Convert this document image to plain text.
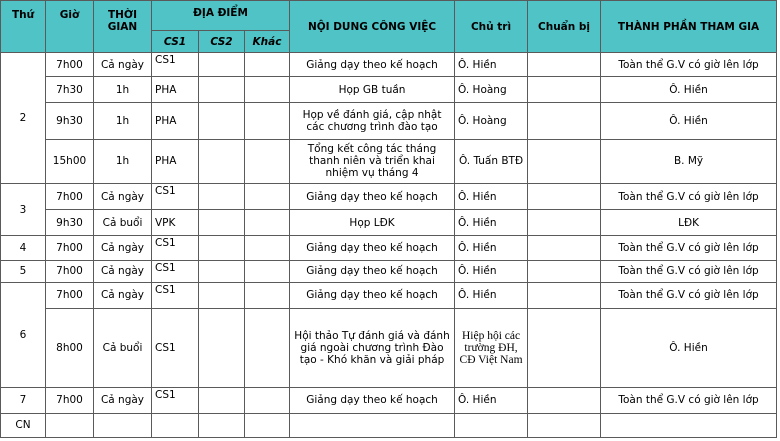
Thứ	Giờ	THỜI GIAN	ĐỊA ĐIỂM			NỘI DUNG CÔNG VIỆC	Chủ trì	Chuẩn bị	THÀNH PHẦN THAM GIA
			CS1	CS2	Khác				
2	7h00	Cả ngày	CS1			Giảng dạy theo kế hoạch	Ô. Hiền		Toàn thể G.V có giờ lên lớp
	7h30	1h	PHA			Họp GB tuần	Ô. Hoàng		Ô. Hiền
	9h30	1h	PHA			Họp về đánh giá, cập nhật các chương trình đào tạo	Ô. Hoàng		Ô. Hiền
	15h00	1h	PHA			Tổng kết công tác tháng thanh niên và triển khai nhiệm vụ tháng 4	Ô. Tuấn BTĐ		B. Mỹ
3	7h00	Cả ngày	CS1			Giảng dạy theo kế hoạch	Ô. Hiền		Toàn thể G.V có giờ lên lớp
	9h30	Cả buổi	VPK			Họp LĐK	Ô. Hiền		LĐK
4	7h00	Cả ngày	CS1			Giảng dạy theo kế hoạch	Ô. Hiền		Toàn thể G.V có giờ lên lớp
5	7h00	Cả ngày	CS1			Giảng dạy theo kế hoạch	Ô. Hiền		Toàn thể G.V có giờ lên lớp
6	7h00	Cả ngày	CS1			Giảng dạy theo kế hoạch	Ô. Hiền		Toàn thể G.V có giờ lên lớp
	8h00	Cả buổi	CS1			Hội thảo Tự đánh giá và đánh giá ngoài chương trình Đào tạo - Khó khăn và giải pháp	Hiệp hội các trường ĐH, CĐ Việt Nam		Ô. Hiền
7	7h00	Cả ngày	CS1			Giảng dạy theo kế hoạch	Ô. Hiền		Toàn thể G.V có giờ lên lớp
CN									
